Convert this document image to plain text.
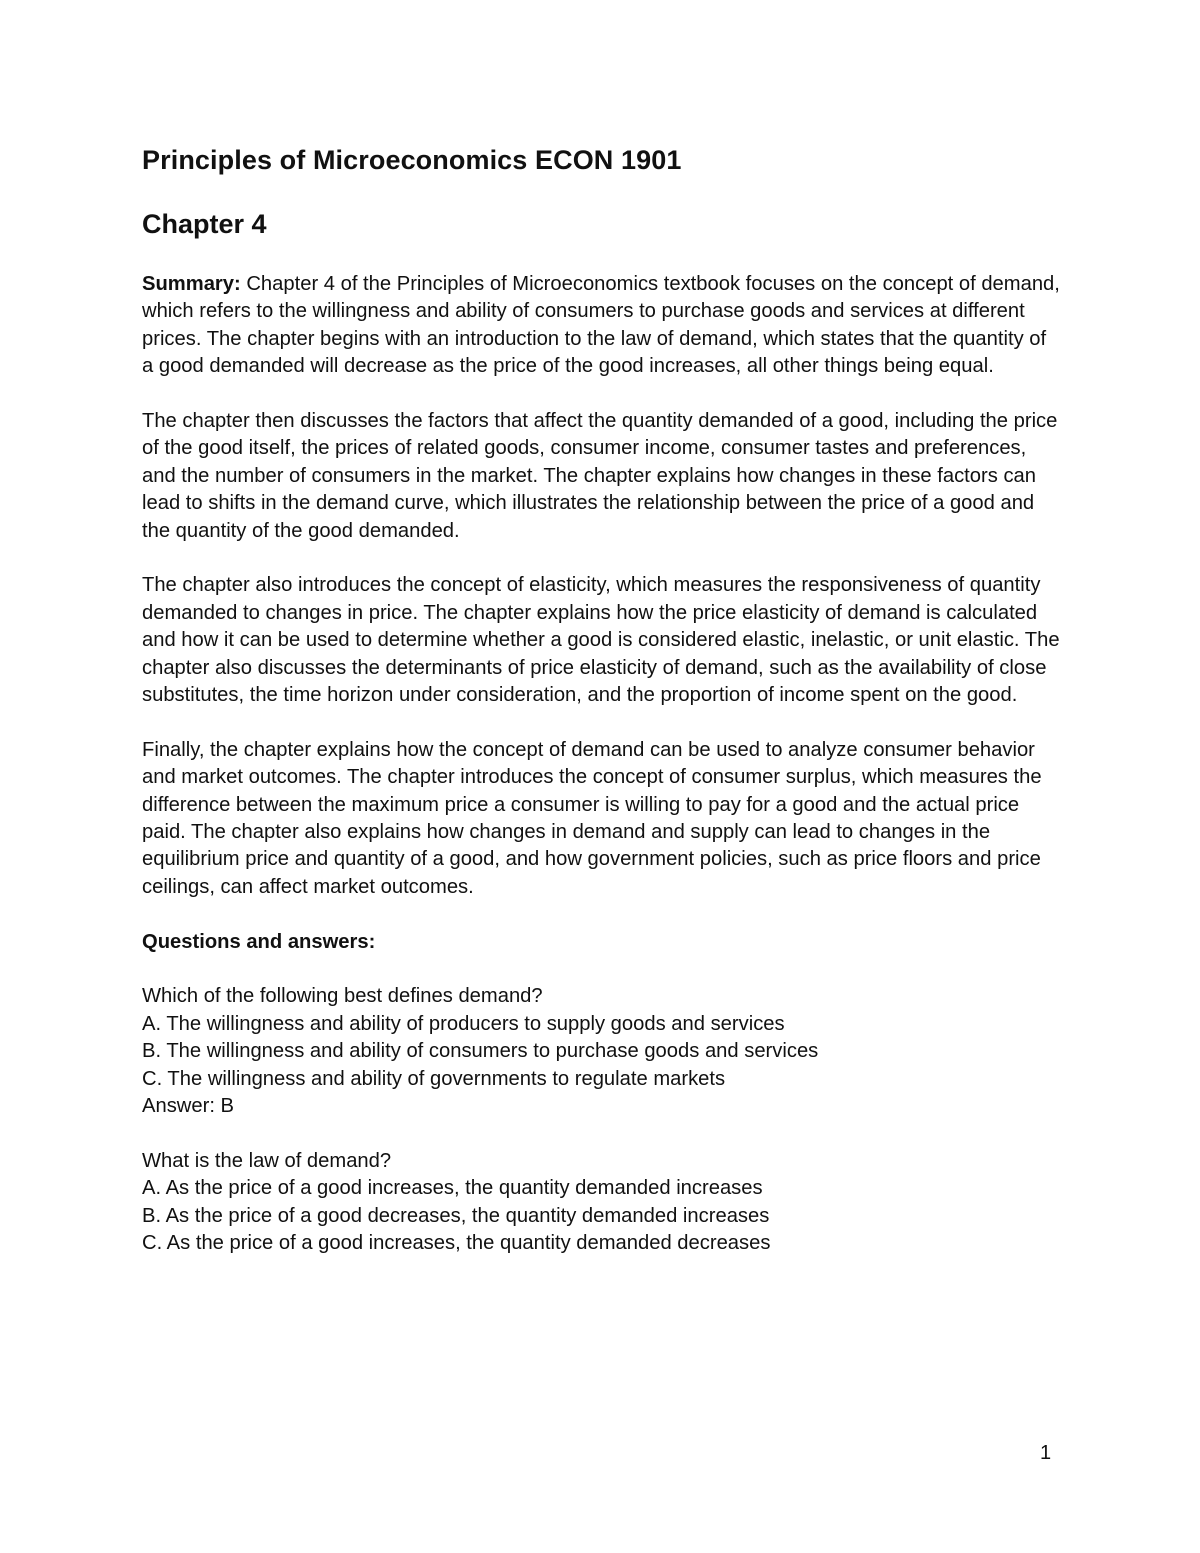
Principles of Microeconomics ECON 1901
Chapter 4

Summary: Chapter 4 of the Principles of Microeconomics textbook focuses on the concept of demand, which refers to the willingness and ability of consumers to purchase goods and services at different prices. The chapter begins with an introduction to the law of demand, which states that the quantity of a good demanded will decrease as the price of the good increases, all other things being equal.

The chapter then discusses the factors that affect the quantity demanded of a good, including the price of the good itself, the prices of related goods, consumer income, consumer tastes and preferences, and the number of consumers in the market. The chapter explains how changes in these factors can lead to shifts in the demand curve, which illustrates the relationship between the price of a good and the quantity of the good demanded.

The chapter also introduces the concept of elasticity, which measures the responsiveness of quantity demanded to changes in price. The chapter explains how the price elasticity of demand is calculated and how it can be used to determine whether a good is considered elastic, inelastic, or unit elastic. The chapter also discusses the determinants of price elasticity of demand, such as the availability of close substitutes, the time horizon under consideration, and the proportion of income spent on the good.

Finally, the chapter explains how the concept of demand can be used to analyze consumer behavior and market outcomes. The chapter introduces the concept of consumer surplus, which measures the difference between the maximum price a consumer is willing to pay for a good and the actual price paid. The chapter also explains how changes in demand and supply can lead to changes in the equilibrium price and quantity of a good, and how government policies, such as price floors and price ceilings, can affect market outcomes.

Questions and answers:

Which of the following best defines demand?
A. The willingness and ability of producers to supply goods and services
B. The willingness and ability of consumers to purchase goods and services
C. The willingness and ability of governments to regulate markets
Answer: B
What is the law of demand?
A. As the price of a good increases, the quantity demanded increases
B. As the price of a good decreases, the quantity demanded increases
C. As the price of a good increases, the quantity demanded decreases
1
